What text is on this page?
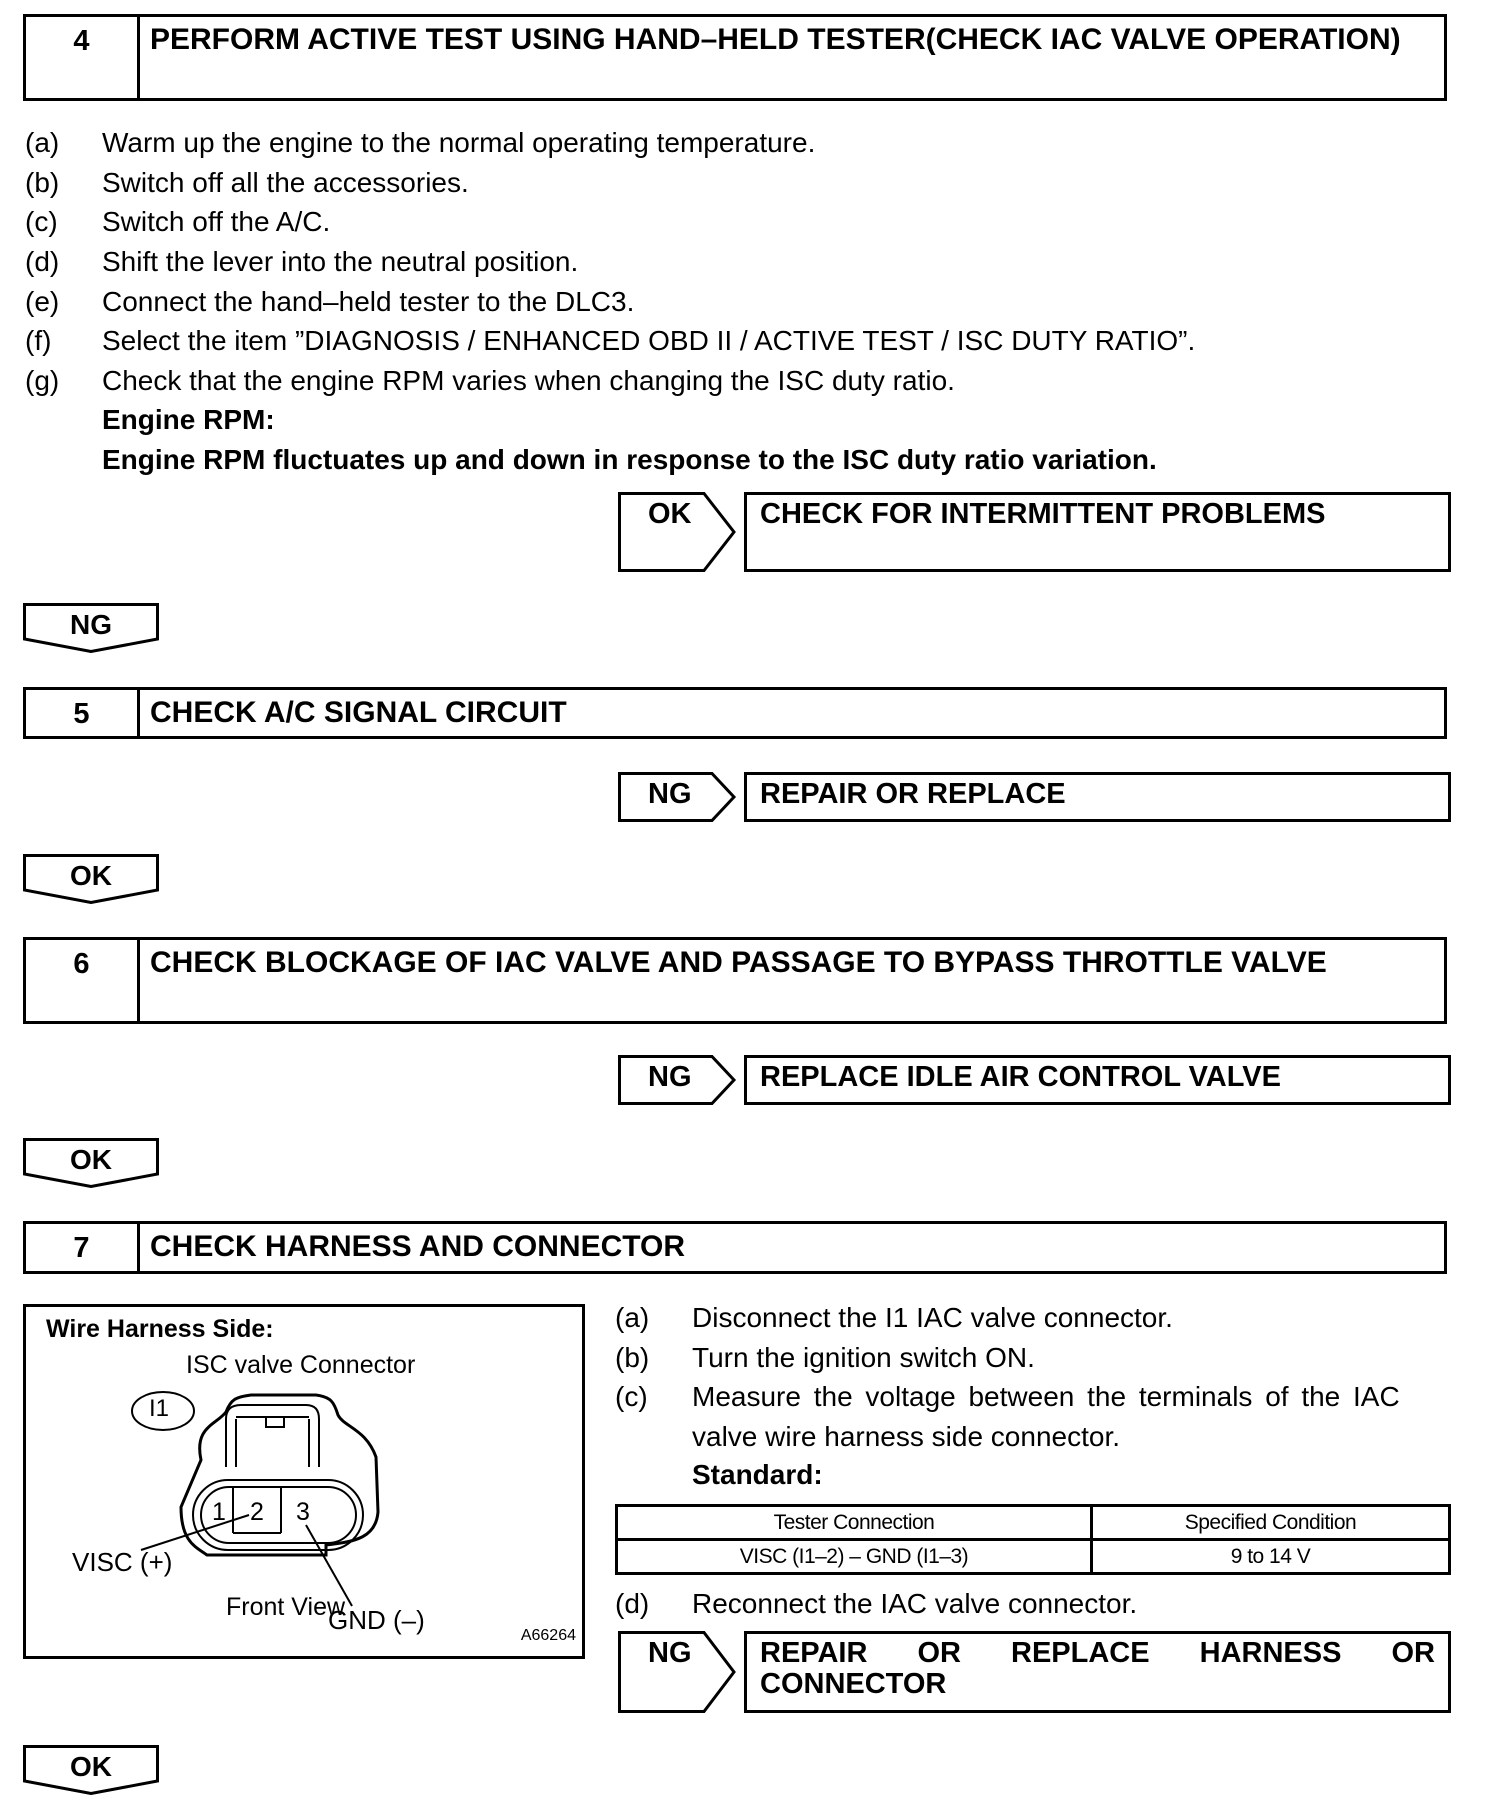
4	PERFORM ACTIVE TEST USING HAND–HELD TESTER(CHECK IAC VALVE OPERATION)
(a) Warm up the engine to the normal operating temperature.
(b) Switch off all the accessories.
(c) Switch off the A/C.
(d) Shift the lever into the neutral position.
(e) Connect the hand–held tester to the DLC3.
(f) Select the item ”DIAGNOSIS / ENHANCED OBD II / ACTIVE TEST / ISC DUTY RATIO”.
(g) Check that the engine RPM varies when changing the ISC duty ratio.
Engine RPM:
Engine RPM fluctuates up and down in response to the ISC duty ratio variation.
OK	CHECK FOR INTERMITTENT PROBLEMS
NG
5	CHECK A/C SIGNAL CIRCUIT
NG	REPAIR OR REPLACE
OK
6	CHECK BLOCKAGE OF IAC VALVE AND PASSAGE TO BYPASS THROTTLE VALVE
NG	REPLACE IDLE AIR CONTROL VALVE
OK
7	CHECK HARNESS AND CONNECTOR
Wire Harness Side:
ISC valve Connector
1 2 3
I1
VISC (+)
Front View
GND (–)
A66264
(a) Disconnect the I1 IAC valve connector.
(b) Turn the ignition switch ON.
(c) Measure the voltage between the terminals of the IAC
valve wire harness side connector.
Standard:
Tester Connection	Specified Condition
VISC (I1–2) – GND (I1–3)	9 to 14 V
(d) Reconnect the IAC valve connector.
NG REPAIR OR REPLACE HARNESS OR CONNECTOR
OK
